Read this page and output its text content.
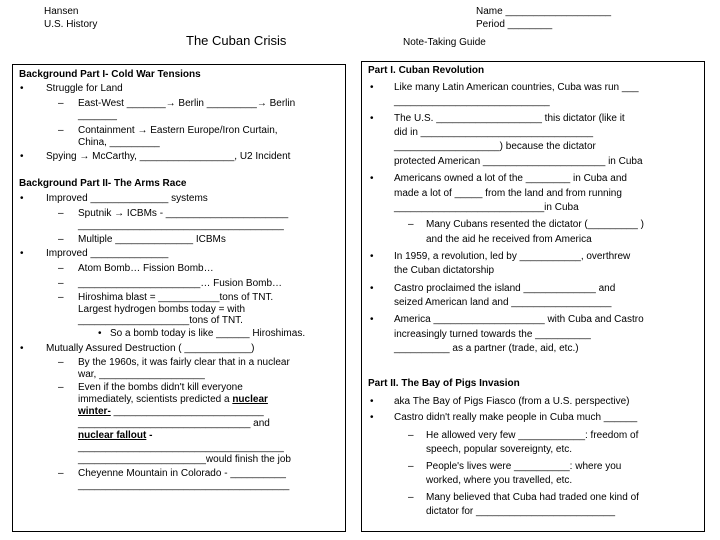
Hansen
U.S. History
The Cuban Crisis
Name ___________________
Period ________
Note-Taking Guide
Background Part I- Cold War Tensions
• Struggle for Land
– East-West _______→ Berlin _________→ Berlin
_______
– Containment → Eastern Europe/Iron Curtain,
China, _________
• Spying → McCarthy, _________________, U2 Incident
Background Part II- The Arms Race
• Improved ______________ systems
– Sputnik → ICBMs - ______________________
_____________________________________
– Multiple ______________ ICBMs
• Improved ______________
– Atom Bomb… Fission Bomb…
– ______________________… Fusion Bomb…
– Hiroshima blast = ___________tons of TNT.
Largest hydrogen bombs today = with
____________________tons of TNT.
• So a bomb today is like ______ Hiroshimas.
• Mutually Assured Destruction ( ____________)
– By the 1960s, it was fairly clear that in a nuclear
war, ___________________
– Even if the bombs didn't kill everyone
immediately, scientists predicted a nuclear
winter- ___________________________
_______________________________ and
nuclear fallout -
_____________________________________
_______________________would finish the job
– Cheyenne Mountain in Colorado - __________
______________________________________
Part I. Cuban Revolution
• Like many Latin American countries, Cuba was run ___
____________________________
• The U.S. ___________________ this dictator (like it
did in _______________________________
___________________) because the dictator
protected American ______________________ in Cuba
• Americans owned a lot of the ________ in Cuba and
made a lot of _____ from the land and from running
___________________________in Cuba
– Many Cubans resented the dictator (_________ )
and the aid he received from America
• In 1959, a revolution, led by ___________, overthrew
the Cuban dictatorship
• Castro proclaimed the island _____________ and
seized American land and __________________
• America ____________________ with Cuba and Castro
increasingly turned towards the __________
__________ as a partner (trade, aid, etc.)
Part II. The Bay of Pigs Invasion
• aka The Bay of Pigs Fiasco (from a U.S. perspective)
• Castro didn't really make people in Cuba much ______
– He allowed very few ____________: freedom of
speech, popular sovereignty, etc.
– People's lives were __________: where you
worked, where you travelled, etc.
– Many believed that Cuba had traded one kind of
dictator for _________________________
